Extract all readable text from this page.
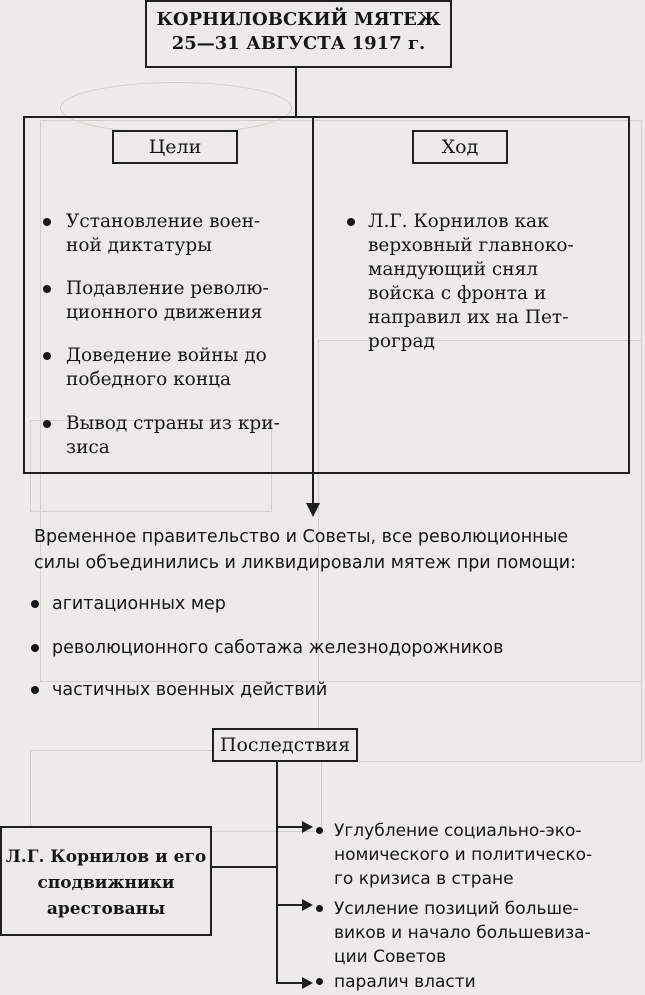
КОРНИЛОВСКИЙ МЯТЕЖ
25—31 АВГУСТА 1917 г.
Цели
Установление воен-
ной диктатуры
Подавление револю-
ционного движения
Доведение войны до
победного конца
Вывод страны из кри-
зиса
Ход
Л.Г. Корнилов как
верховный главноко-
мандующий снял
войска с фронта и
направил их на Пет-
роград
Временное правительство и Советы, все революционные
силы объединились и ликвидировали мятеж при помощи:
агитационных мер
революционного саботажа железнодорожников
частичных военных действий
Последствия
Л.Г. Корнилов и его
сподвижники
арестованы
Углубление социально-эко-
номического и политическо-
го кризиса в стране
Усиление позиций больше-
виков и начало большевиза-
ции Советов
паралич власти
